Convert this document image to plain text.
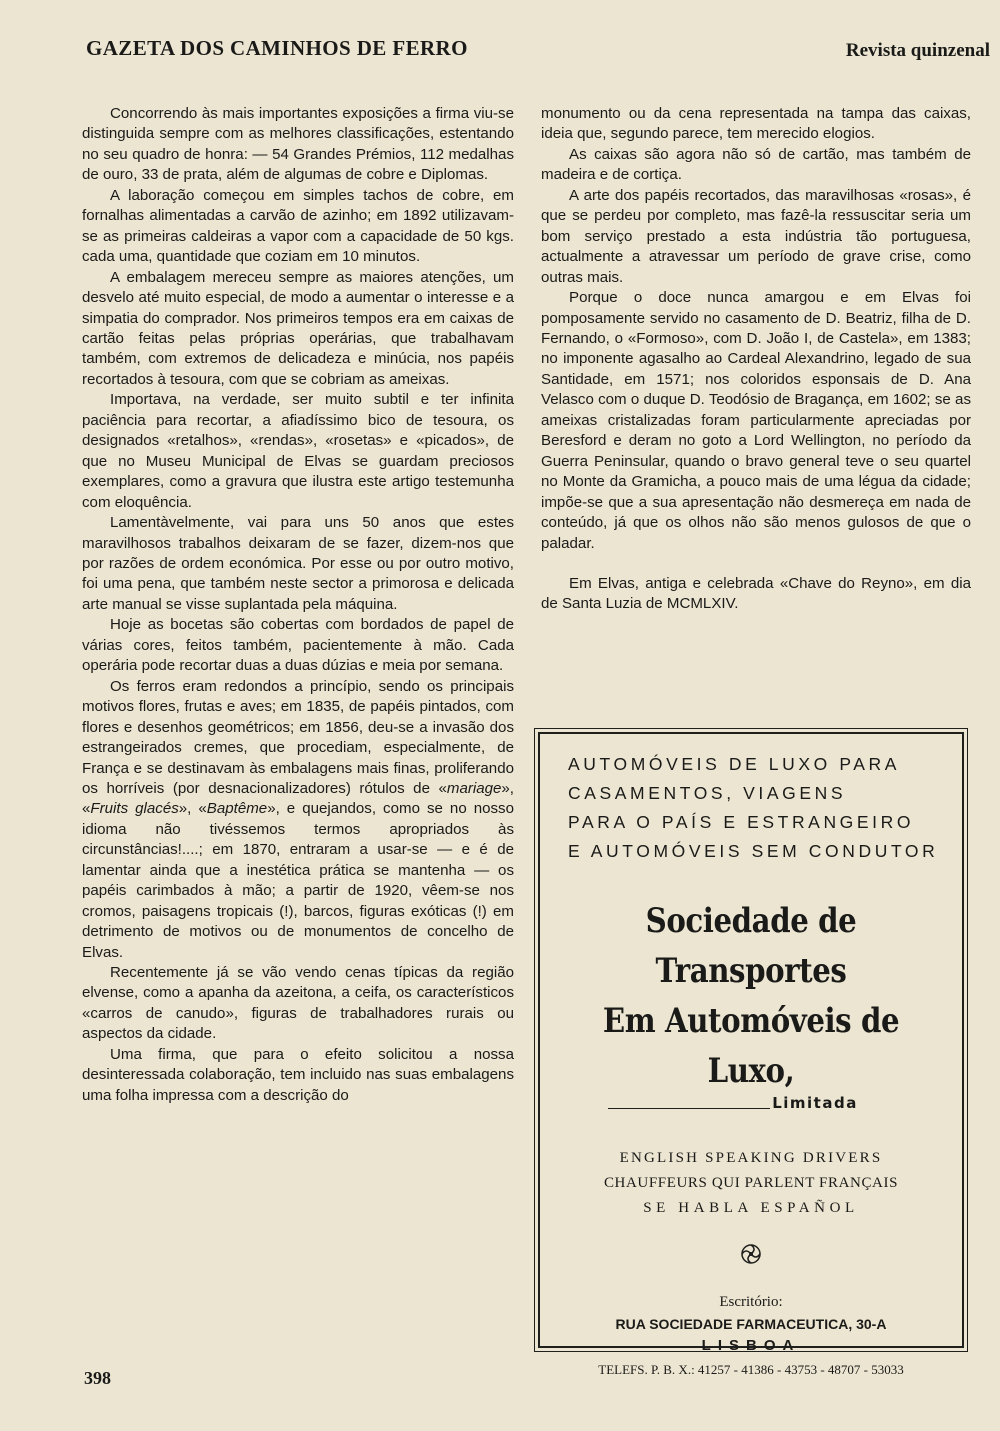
GAZETA DOS CAMINHOS DE FERRO	Revista quinzenal

Concorrendo às mais importantes exposições a firma viu-se distinguida sempre com as melhores classificações, estentando no seu quadro de honra: — 54 Grandes Prémios, 112 medalhas de ouro, 33 de prata, além de algumas de cobre e Diplomas.

A laboração começou em simples tachos de cobre, em fornalhas alimentadas a carvão de azinho; em 1892 utilizavam-se as primeiras caldeiras a vapor com a capacidade de 50 kgs. cada uma, quantidade que coziam em 10 minutos.

A embalagem mereceu sempre as maiores atenções, um desvelo até muito especial, de modo a aumentar o interesse e a simpatia do comprador. Nos primeiros tempos era em caixas de cartão feitas pelas próprias operárias, que trabalhavam também, com extremos de delicadeza e minúcia, nos papéis recortados à tesoura, com que se cobriam as ameixas.

Importava, na verdade, ser muito subtil e ter infinita paciência para recortar, a afiadíssimo bico de tesoura, os designados «retalhos», «rendas», «rosetas» e «picados», de que no Museu Municipal de Elvas se guardam preciosos exemplares, como a gravura que ilustra este artigo testemunha com eloquência.

Lamentàvelmente, vai para uns 50 anos que estes maravilhosos trabalhos deixaram de se fazer, dizem-nos que por razões de ordem económica. Por esse ou por outro motivo, foi uma pena, que também neste sector a primorosa e delicada arte manual se visse suplantada pela máquina.

Hoje as bocetas são cobertas com bordados de papel de várias cores, feitos também, pacientemente à mão. Cada operária pode recortar duas a duas dúzias e meia por semana.

Os ferros eram redondos a princípio, sendo os principais motivos flores, frutas e aves; em 1835, de papéis pintados, com flores e desenhos geométricos; em 1856, deu-se a invasão dos estrangeirados cremes, que procediam, especialmente, de França e se destinavam às embalagens mais finas, proliferando os horríveis (por desnacionalizadores) rótulos de «mariage», «Fruits glacés», «Baptême», e quejandos, como se no nosso idioma não tivéssemos termos apropriados às circunstâncias!....; em 1870, entraram a usar-se — e é de lamentar ainda que a inestética prática se mantenha — os papéis carimbados à mão; a partir de 1920, vêem-se nos cromos, paisagens tropicais (!), barcos, figuras exóticas (!) em detrimento de motivos ou de monumentos de concelho de Elvas.

Recentemente já se vão vendo cenas típicas da região elvense, como a apanha da azeitona, a ceifa, os característicos «carros de canudo», figuras de trabalhadores rurais ou aspectos da cidade.

Uma firma, que para o efeito solicitou a nossa desinteressada colaboração, tem incluido nas suas embalagens uma folha impressa com a descrição do

monumento ou da cena representada na tampa das caixas, ideia que, segundo parece, tem merecido elogios.

As caixas são agora não só de cartão, mas também de madeira e de cortiça.

A arte dos papéis recortados, das maravilhosas «rosas», é que se perdeu por completo, mas fazê-la ressuscitar seria um bom serviço prestado a esta indústria tão portuguesa, actualmente a atravessar um período de grave crise, como outras mais.

Porque o doce nunca amargou e em Elvas foi pomposamente servido no casamento de D. Beatriz, filha de D. Fernando, o «Formoso», com D. João I, de Castela», em 1383; no imponente agasalho ao Cardeal Alexandrino, legado de sua Santidade, em 1571; nos coloridos esponsais de D. Ana Velasco com o duque D. Teodósio de Bragança, em 1602; se as ameixas cristalizadas foram particularmente apreciadas por Beresford e deram no goto a Lord Wellington, no período da Guerra Peninsular, quando o bravo general teve o seu quartel no Monte da Gramicha, a pouco mais de uma légua da cidade; impõe-se que a sua apresentação não desmereça em nada de conteúdo, já que os olhos não são menos gulosos de que o paladar.

Em Elvas, antiga e celebrada «Chave do Reyno», em dia de Santa Luzia de MCMLXIV.

AUTOMÓVEIS DE LUXO PARA
CASAMENTOS, VIAGENS
PARA O PAÍS E ESTRANGEIRO
E AUTOMÓVEIS SEM CONDUTOR
Sociedade de Transportes
Em Automóveis de Luxo,
Limitada
ENGLISH SPEAKING DRIVERS
CHAUFFEURS QUI PARLENT FRANÇAIS
SE HABLA ESPAÑOL
Escritório:
RUA SOCIEDADE FARMACEUTICA, 30-A
LISBOA
TELEFS. P. B. X.: 41257 - 41386 - 43753 - 48707 - 53033
398
